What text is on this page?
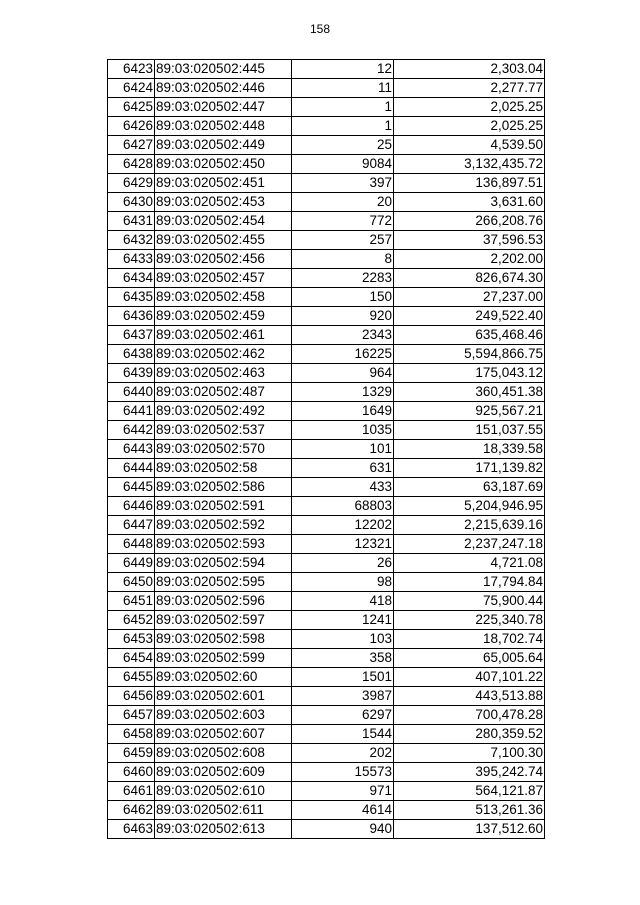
158
6423	89:03:020502:445	12	2,303.04
6424	89:03:020502:446	11	2,277.77
6425	89:03:020502:447	1	2,025.25
6426	89:03:020502:448	1	2,025.25
6427	89:03:020502:449	25	4,539.50
6428	89:03:020502:450	9084	3,132,435.72
6429	89:03:020502:451	397	136,897.51
6430	89:03:020502:453	20	3,631.60
6431	89:03:020502:454	772	266,208.76
6432	89:03:020502:455	257	37,596.53
6433	89:03:020502:456	8	2,202.00
6434	89:03:020502:457	2283	826,674.30
6435	89:03:020502:458	150	27,237.00
6436	89:03:020502:459	920	249,522.40
6437	89:03:020502:461	2343	635,468.46
6438	89:03:020502:462	16225	5,594,866.75
6439	89:03:020502:463	964	175,043.12
6440	89:03:020502:487	1329	360,451.38
6441	89:03:020502:492	1649	925,567.21
6442	89:03:020502:537	1035	151,037.55
6443	89:03:020502:570	101	18,339.58
6444	89:03:020502:58	631	171,139.82
6445	89:03:020502:586	433	63,187.69
6446	89:03:020502:591	68803	5,204,946.95
6447	89:03:020502:592	12202	2,215,639.16
6448	89:03:020502:593	12321	2,237,247.18
6449	89:03:020502:594	26	4,721.08
6450	89:03:020502:595	98	17,794.84
6451	89:03:020502:596	418	75,900.44
6452	89:03:020502:597	1241	225,340.78
6453	89:03:020502:598	103	18,702.74
6454	89:03:020502:599	358	65,005.64
6455	89:03:020502:60	1501	407,101.22
6456	89:03:020502:601	3987	443,513.88
6457	89:03:020502:603	6297	700,478.28
6458	89:03:020502:607	1544	280,359.52
6459	89:03:020502:608	202	7,100.30
6460	89:03:020502:609	15573	395,242.74
6461	89:03:020502:610	971	564,121.87
6462	89:03:020502:611	4614	513,261.36
6463	89:03:020502:613	940	137,512.60
